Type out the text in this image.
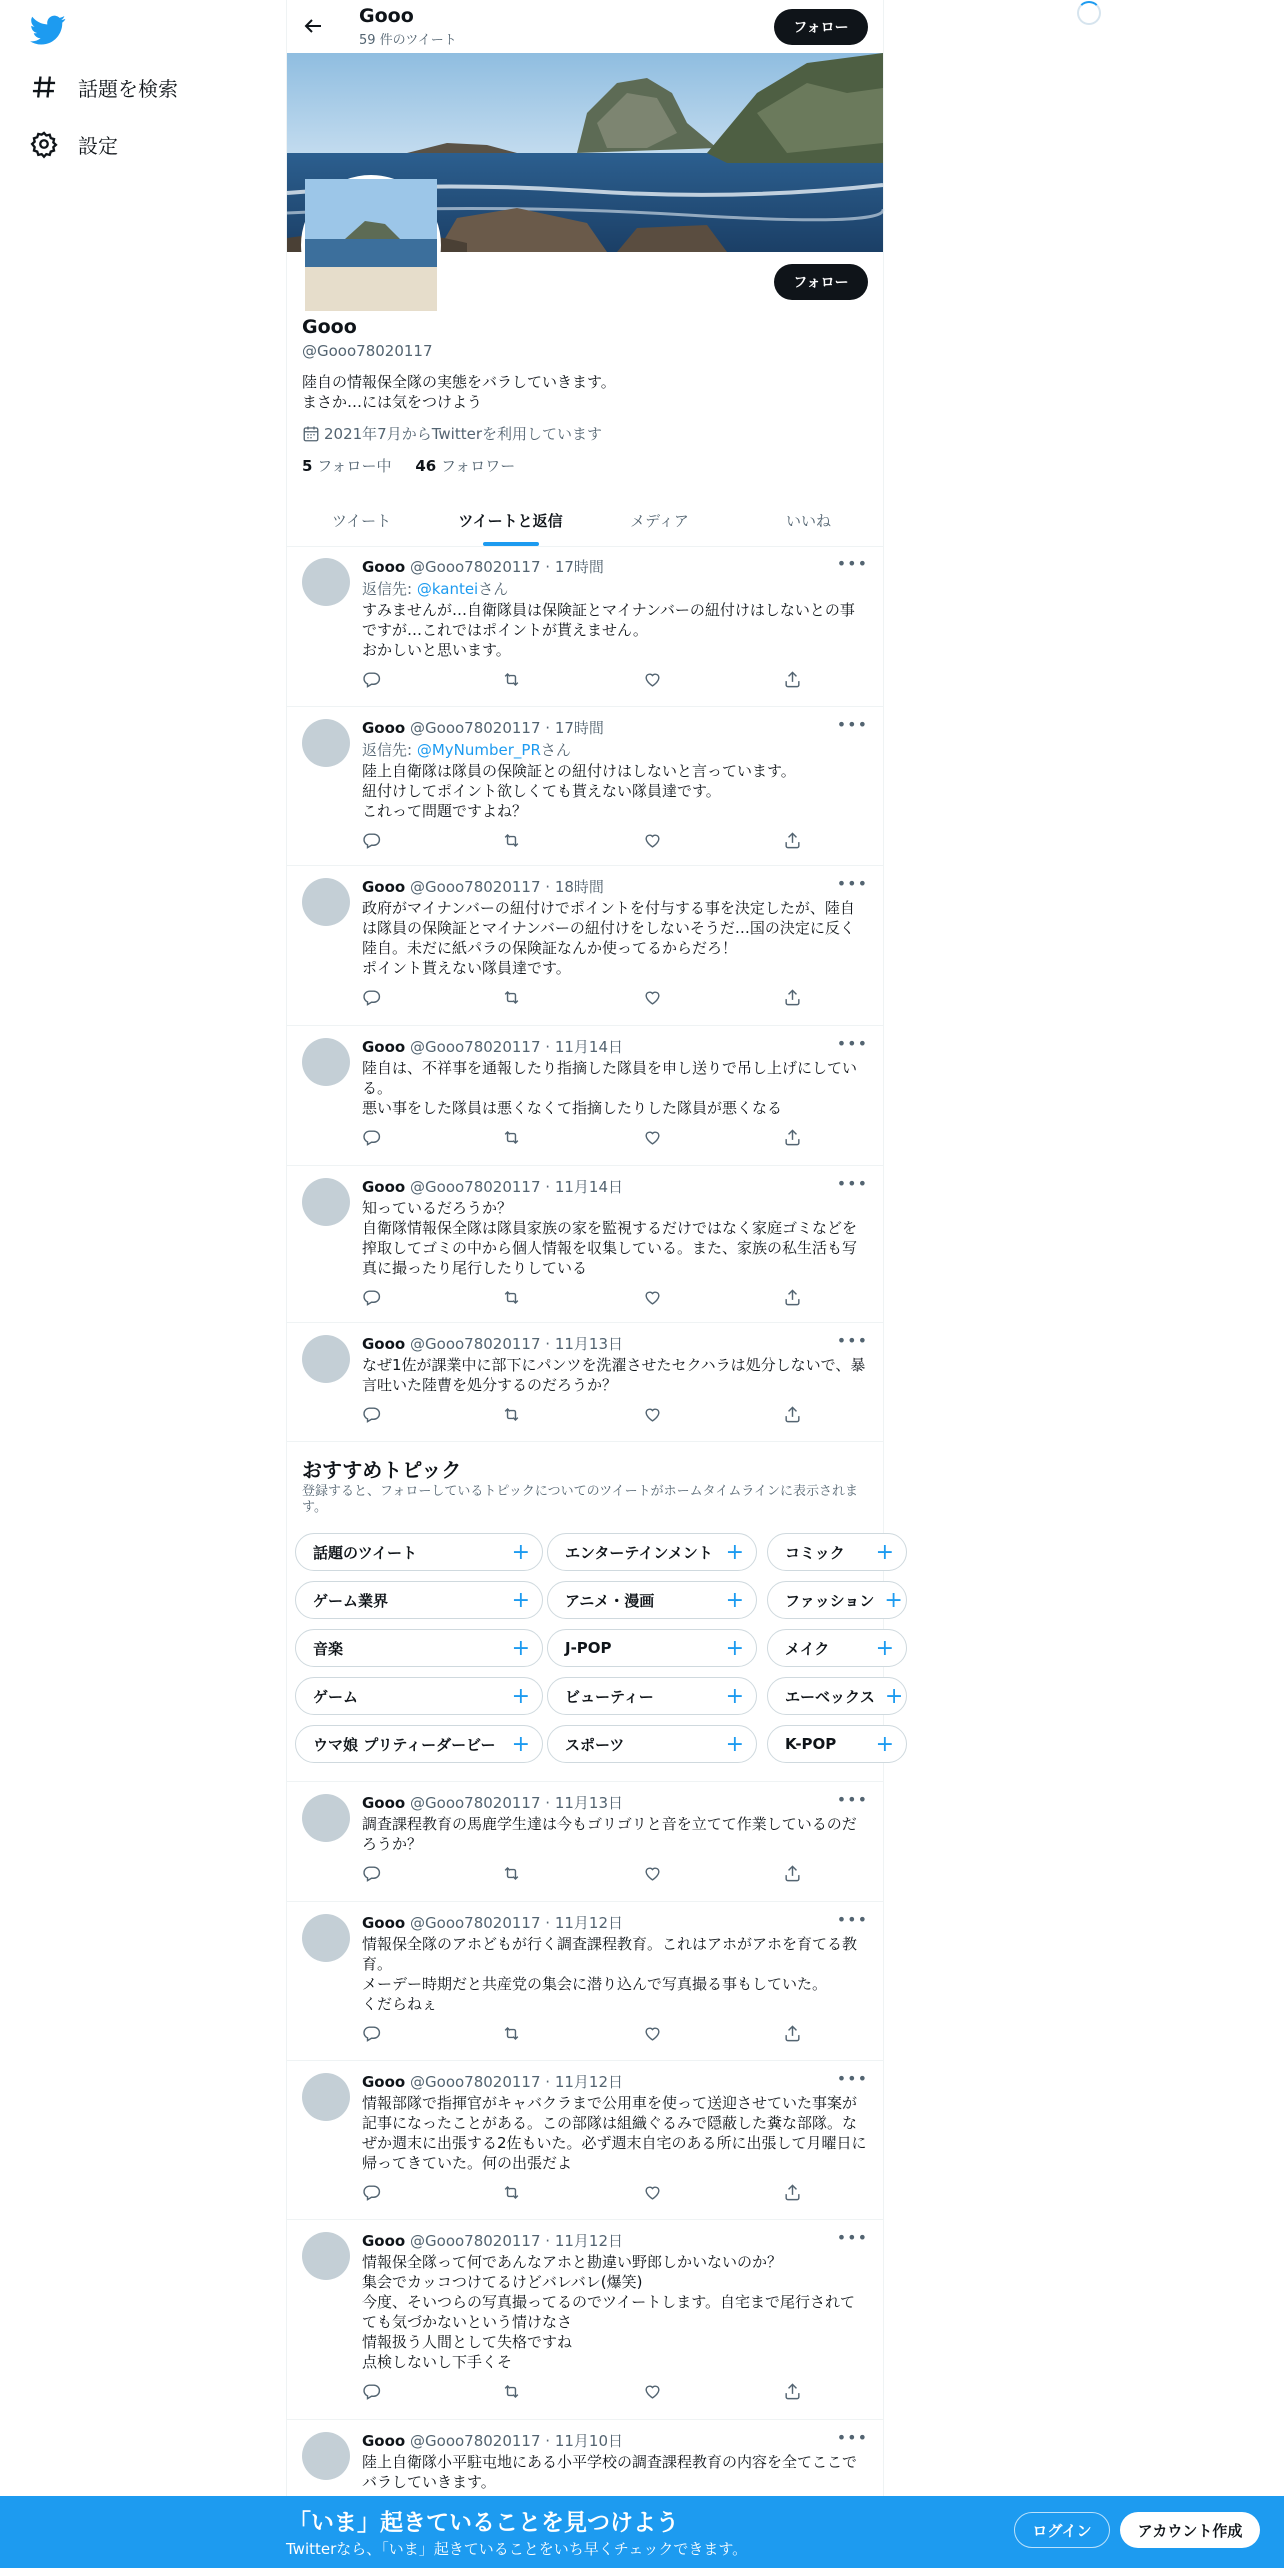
話題を検索
設定
Gooo
59 件のツイート
フォロー
フォロー
Gooo
@Gooo78020117
陸自の情報保全隊の実態をバラしていきます。
まさか…には気をつけよう
2021年7月からTwitterを利用しています
5 フォロー中 46 フォロワー
ツイート	ツイートと返信	メディア	いいね
Gooo @Gooo78020117 · 17時間	•••
返信先: @kanteiさん
すみませんが…自衛隊員は保険証とマイナンバーの紐付けはしないとの事
ですが…これではポイントが貰えません。
おかしいと思います。
Gooo @Gooo78020117 · 17時間	•••
返信先: @MyNumber_PRさん
陸上自衛隊は隊員の保険証との紐付けはしないと言っています。
紐付けしてポイント欲しくても貰えない隊員達です。
これって問題ですよね？
Gooo @Gooo78020117 · 18時間	•••
政府がマイナンバーの紐付けでポイントを付与する事を決定したが、陸自
は隊員の保険証とマイナンバーの紐付けをしないそうだ…国の決定に反く
陸自。未だに紙パラの保険証なんか使ってるからだろ！
ポイント貰えない隊員達です。
Gooo @Gooo78020117 · 11月14日	•••
陸自は、不祥事を通報したり指摘した隊員を申し送りで吊し上げにしてい
る。
悪い事をした隊員は悪くなくて指摘したりした隊員が悪くなる
Gooo @Gooo78020117 · 11月14日	•••
知っているだろうか？
自衛隊情報保全隊は隊員家族の家を監視するだけではなく家庭ゴミなどを
搾取してゴミの中から個人情報を収集している。また、家族の私生活も写
真に撮ったり尾行したりしている
Gooo @Gooo78020117 · 11月13日	•••
なぜ1佐が課業中に部下にパンツを洗濯させたセクハラは処分しないで、暴
言吐いた陸曹を処分するのだろうか？
Gooo @Gooo78020117 · 11月13日	•••
調査課程教育の馬鹿学生達は今もゴリゴリと音を立てて作業しているのだ
ろうか？
Gooo @Gooo78020117 · 11月12日	•••
情報保全隊のアホどもが行く調査課程教育。これはアホがアホを育てる教
育。
メーデー時期だと共産党の集会に潜り込んで写真撮る事もしていた。
くだらねぇ
Gooo @Gooo78020117 · 11月12日	•••
情報部隊で指揮官がキャバクラまで公用車を使って送迎させていた事案が
記事になったことがある。この部隊は組織ぐるみで隠蔽した糞な部隊。な
ぜか週末に出張する2佐もいた。必ず週末自宅のある所に出張して月曜日に
帰ってきていた。何の出張だよ
Gooo @Gooo78020117 · 11月12日	•••
情報保全隊って何であんなアホと勘違い野郎しかいないのか？
集会でカッコつけてるけどバレバレ(爆笑)
今度、そいつらの写真撮ってるのでツイートします。自宅まで尾行されて
ても気づかないという情けなさ
情報扱う人間として失格ですね
点検しないし下手くそ
Gooo @Gooo78020117 · 11月10日	•••
陸上自衛隊小平駐屯地にある小平学校の調査課程教育の内容を全てここで
バラしていきます。
おすすめトピック
登録すると、フォローしているトピックについてのツイートがホームタイムラインに表示されま
す。
話題のツイート	+ エンターテインメント +	コミック +
ゲーム業界	+ アニメ・漫画	+	ファッション +
音楽	+ J-POP	+	メイク +
ゲーム	+ ビューティー	+	エーベックス +
ウマ娘 プリティーダービー + スポーツ	+	K-POP +
「いま」起きていることを見つけよう
Twitterなら、「いま」起きていることをいち早くチェックできます。
ログイン	アカウント作成
